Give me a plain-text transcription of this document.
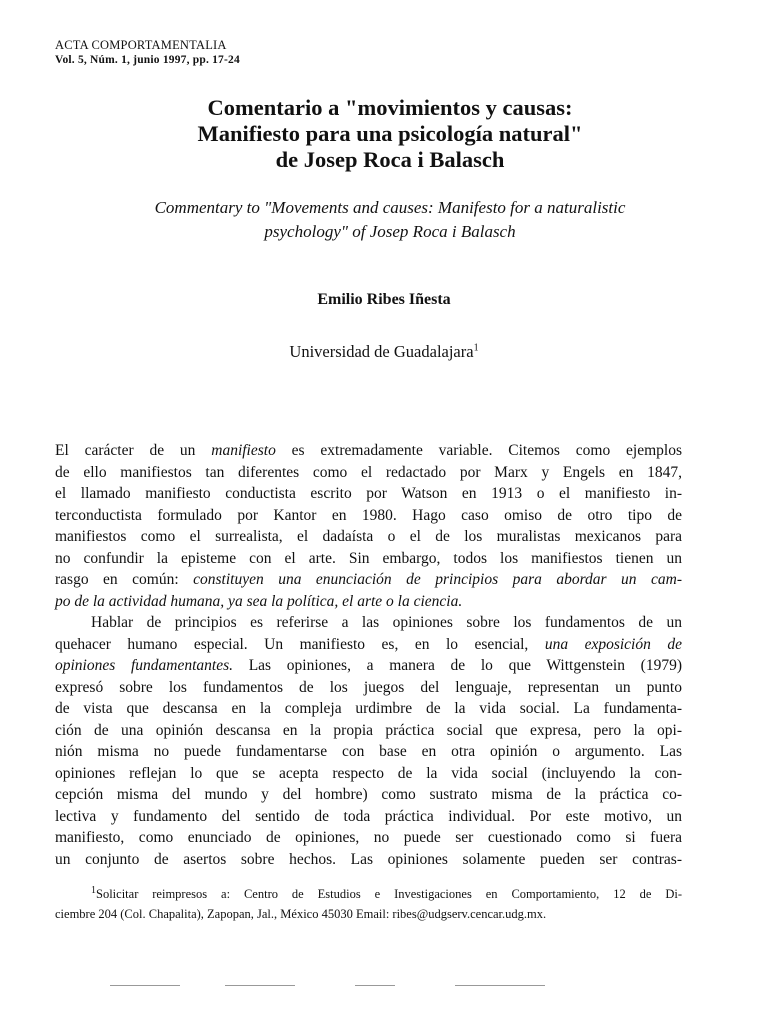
ACTA COMPORTAMENTALIA
Vol. 5, Núm. 1, junio 1997, pp. 17-24
Comentario a "movimientos y causas:
Manifiesto para una psicología natural"
de Josep Roca i Balasch
Commentary to "Movements and causes: Manifesto for a naturalistic
psychology" of Josep Roca i Balasch
Emilio Ribes Iñesta
Universidad de Guadalajara$^1$
El carácter de un manifiesto es extremadamente variable. Citemos como ejemplos
de ello manifiestos tan diferentes como el redactado por Marx y Engels en 1847,
el llamado manifiesto conductista escrito por Watson en 1913 o el manifiesto in-
terconductista formulado por Kantor en 1980. Hago caso omiso de otro tipo de
manifiestos como el surrealista, el dadaísta o el de los muralistas mexicanos para
no confundir la episteme con el arte. Sin embargo, todos los manifiestos tienen un
rasgo en común: constituyen una enunciación de principios para abordar un cam-
po de la actividad humana, ya sea la política, el arte o la ciencia.
Hablar de principios es referirse a las opiniones sobre los fundamentos de un
quehacer humano especial. Un manifiesto es, en lo esencial, una exposición de
opiniones fundamentantes. Las opiniones, a manera de lo que Wittgenstein (1979)
expresó sobre los fundamentos de los juegos del lenguaje, representan un punto
de vista que descansa en la compleja urdimbre de la vida social. La fundamenta-
ción de una opinión descansa en la propia práctica social que expresa, pero la opi-
nión misma no puede fundamentarse con base en otra opinión o argumento. Las
opiniones reflejan lo que se acepta respecto de la vida social (incluyendo la con-
cepción misma del mundo y del hombre) como sustrato misma de la práctica co-
lectiva y fundamento del sentido de toda práctica individual. Por este motivo, un
manifiesto, como enunciado de opiniones, no puede ser cuestionado como si fuera
un conjunto de asertos sobre hechos. Las opiniones solamente pueden ser contras-
$^1$Solicitar reimpresos a: Centro de Estudios e Investigaciones en Comportamiento, 12 de Di-
ciembre 204 (Col. Chapalita), Zapopan, Jal., México 45030 Email: ribes@udgserv.cencar.udg.mx.
